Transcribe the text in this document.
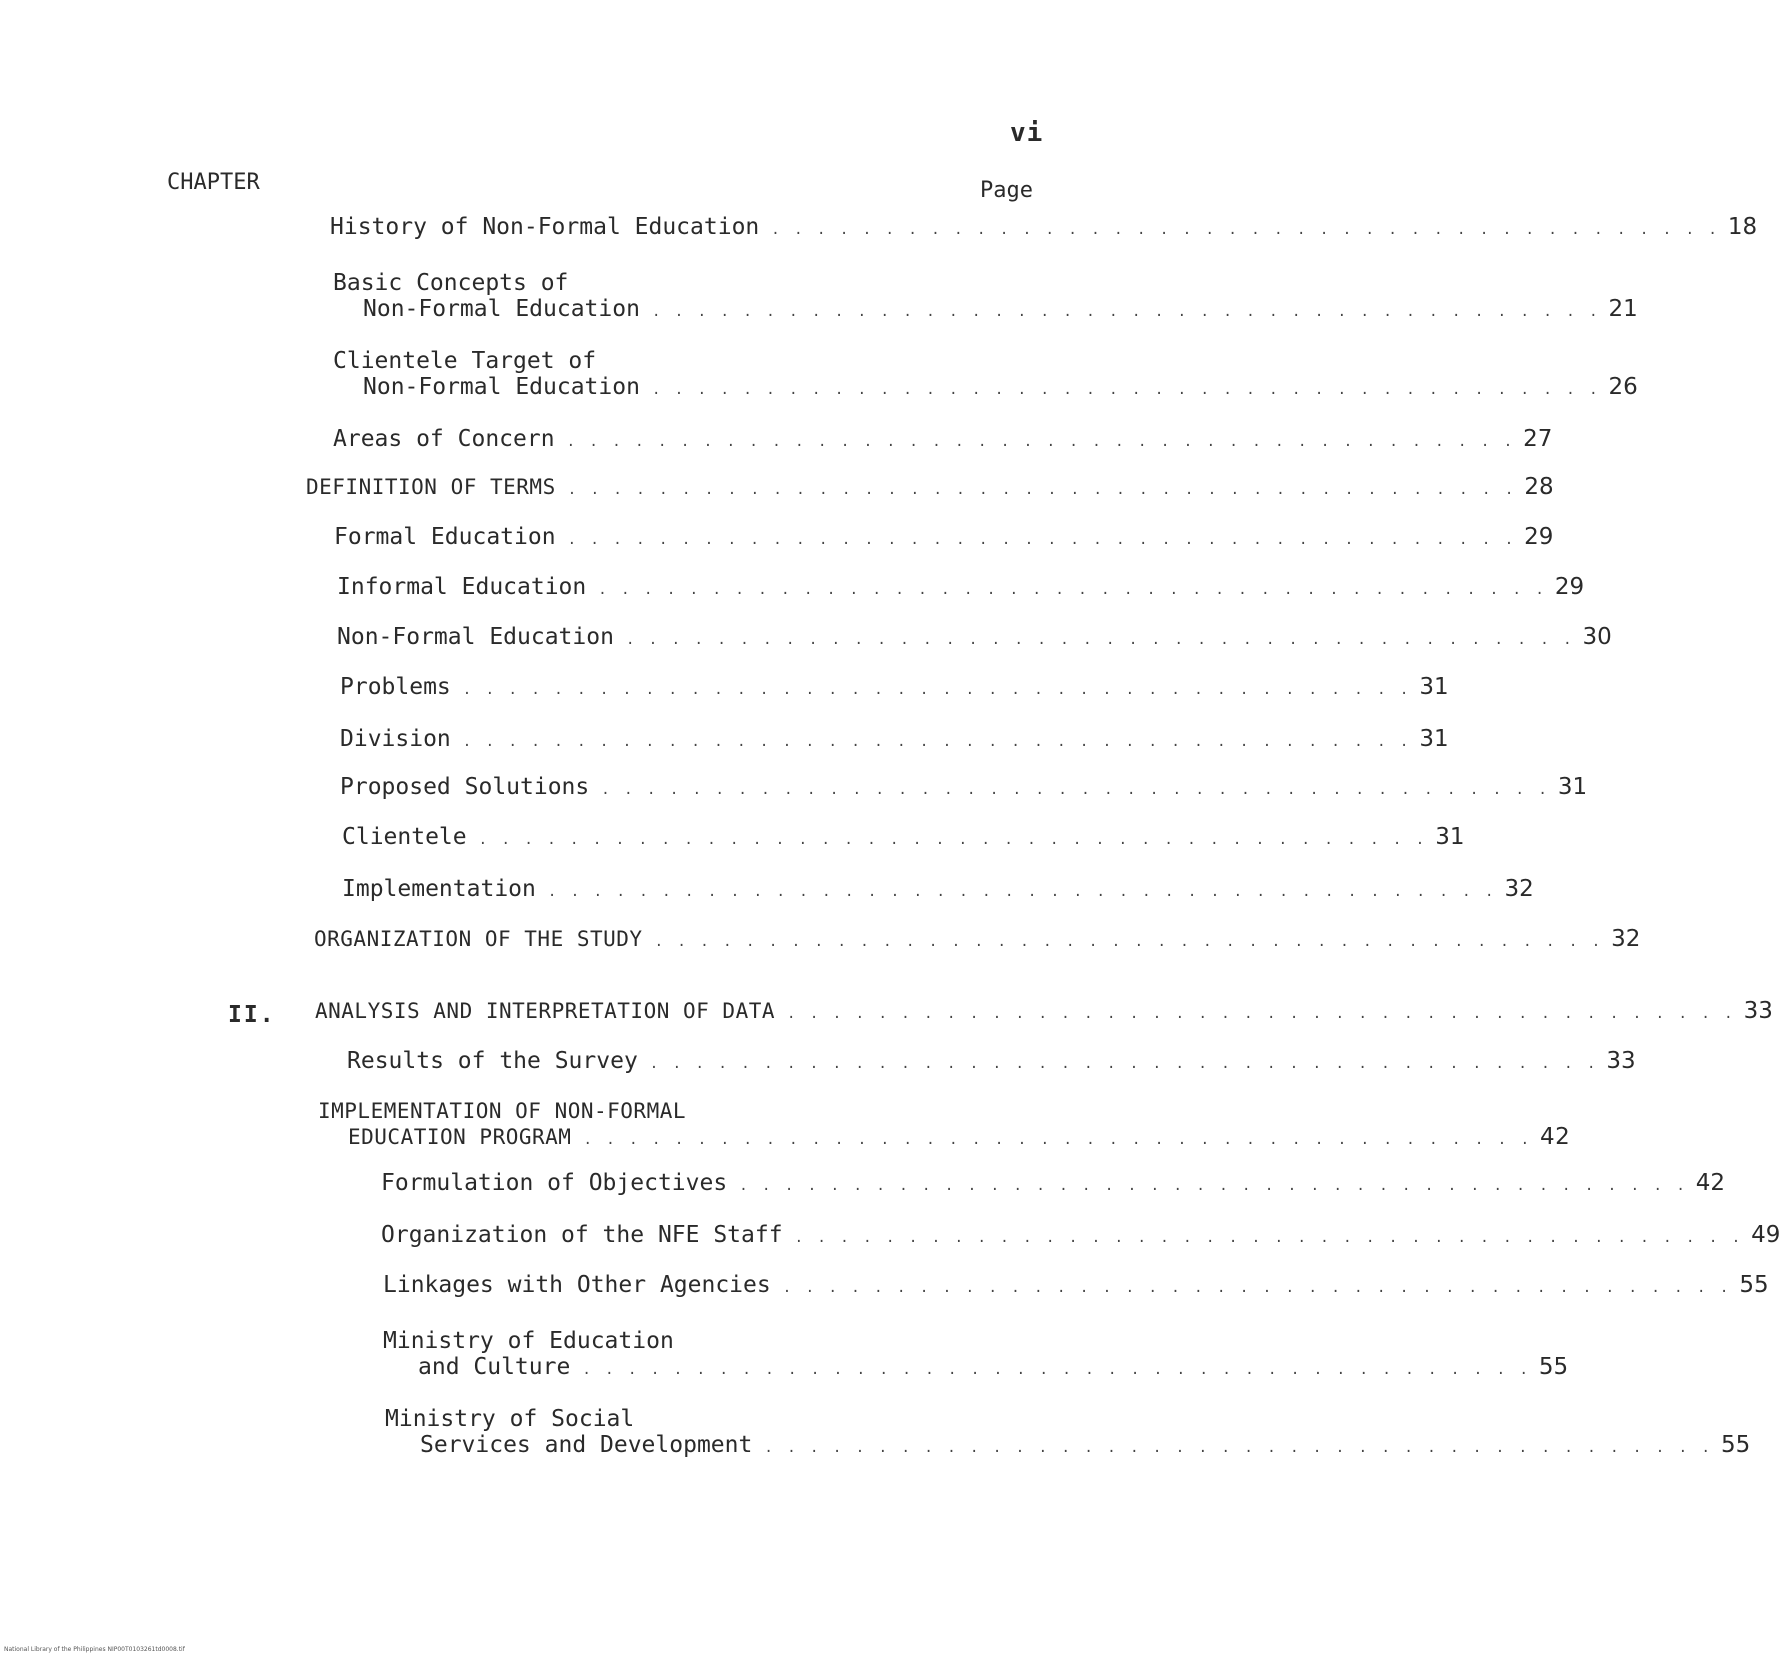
vi
CHAPTER	Page
II.
History of Non-Formal Education . . . . . . . . . . . . . . . . . . . . . . . . . . . . . . . . . . . . . . . . . . 18
Basic Concepts of
Non-Formal Education . . . . . . . . . . . . . . . . . . . . . . . . . . . . . . . . . . . . . . . . . . 21
Clientele Target of
Non-Formal Education . . . . . . . . . . . . . . . . . . . . . . . . . . . . . . . . . . . . . . . . . . 26
Areas of Concern . . . . . . . . . . . . . . . . . . . . . . . . . . . . . . . . . . . . . . . . . . 27
DEFINITION OF TERMS . . . . . . . . . . . . . . . . . . . . . . . . . . . . . . . . . . . . . . . . . . 28
Formal Education . . . . . . . . . . . . . . . . . . . . . . . . . . . . . . . . . . . . . . . . . . 29
Informal Education . . . . . . . . . . . . . . . . . . . . . . . . . . . . . . . . . . . . . . . . . . 29
Non-Formal Education . . . . . . . . . . . . . . . . . . . . . . . . . . . . . . . . . . . . . . . . . . 30
Problems . . . . . . . . . . . . . . . . . . . . . . . . . . . . . . . . . . . . . . . . . . 31
Division . . . . . . . . . . . . . . . . . . . . . . . . . . . . . . . . . . . . . . . . . . 31
Proposed Solutions . . . . . . . . . . . . . . . . . . . . . . . . . . . . . . . . . . . . . . . . . . 31
Clientele . . . . . . . . . . . . . . . . . . . . . . . . . . . . . . . . . . . . . . . . . . 31
Implementation . . . . . . . . . . . . . . . . . . . . . . . . . . . . . . . . . . . . . . . . . . 32
ORGANIZATION OF THE STUDY . . . . . . . . . . . . . . . . . . . . . . . . . . . . . . . . . . . . . . . . . . 32
ANALYSIS AND INTERPRETATION OF DATA . . . . . . . . . . . . . . . . . . . . . . . . . . . . . . . . . . . . . . . . . . 33
Results of the Survey . . . . . . . . . . . . . . . . . . . . . . . . . . . . . . . . . . . . . . . . . . 33
IMPLEMENTATION OF NON-FORMAL
EDUCATION PROGRAM . . . . . . . . . . . . . . . . . . . . . . . . . . . . . . . . . . . . . . . . . . 42
Formulation of Objectives . . . . . . . . . . . . . . . . . . . . . . . . . . . . . . . . . . . . . . . . . . 42
Organization of the NFE Staff . . . . . . . . . . . . . . . . . . . . . . . . . . . . . . . . . . . . . . . . . . 49
Linkages with Other Agencies . . . . . . . . . . . . . . . . . . . . . . . . . . . . . . . . . . . . . . . . . . 55
Ministry of Education
and Culture . . . . . . . . . . . . . . . . . . . . . . . . . . . . . . . . . . . . . . . . . . 55
Ministry of Social
Services and Development . . . . . . . . . . . . . . . . . . . . . . . . . . . . . . . . . . . . . . . . . . 55
National Library of the Philippines NIP00T0103261td0008.tif
